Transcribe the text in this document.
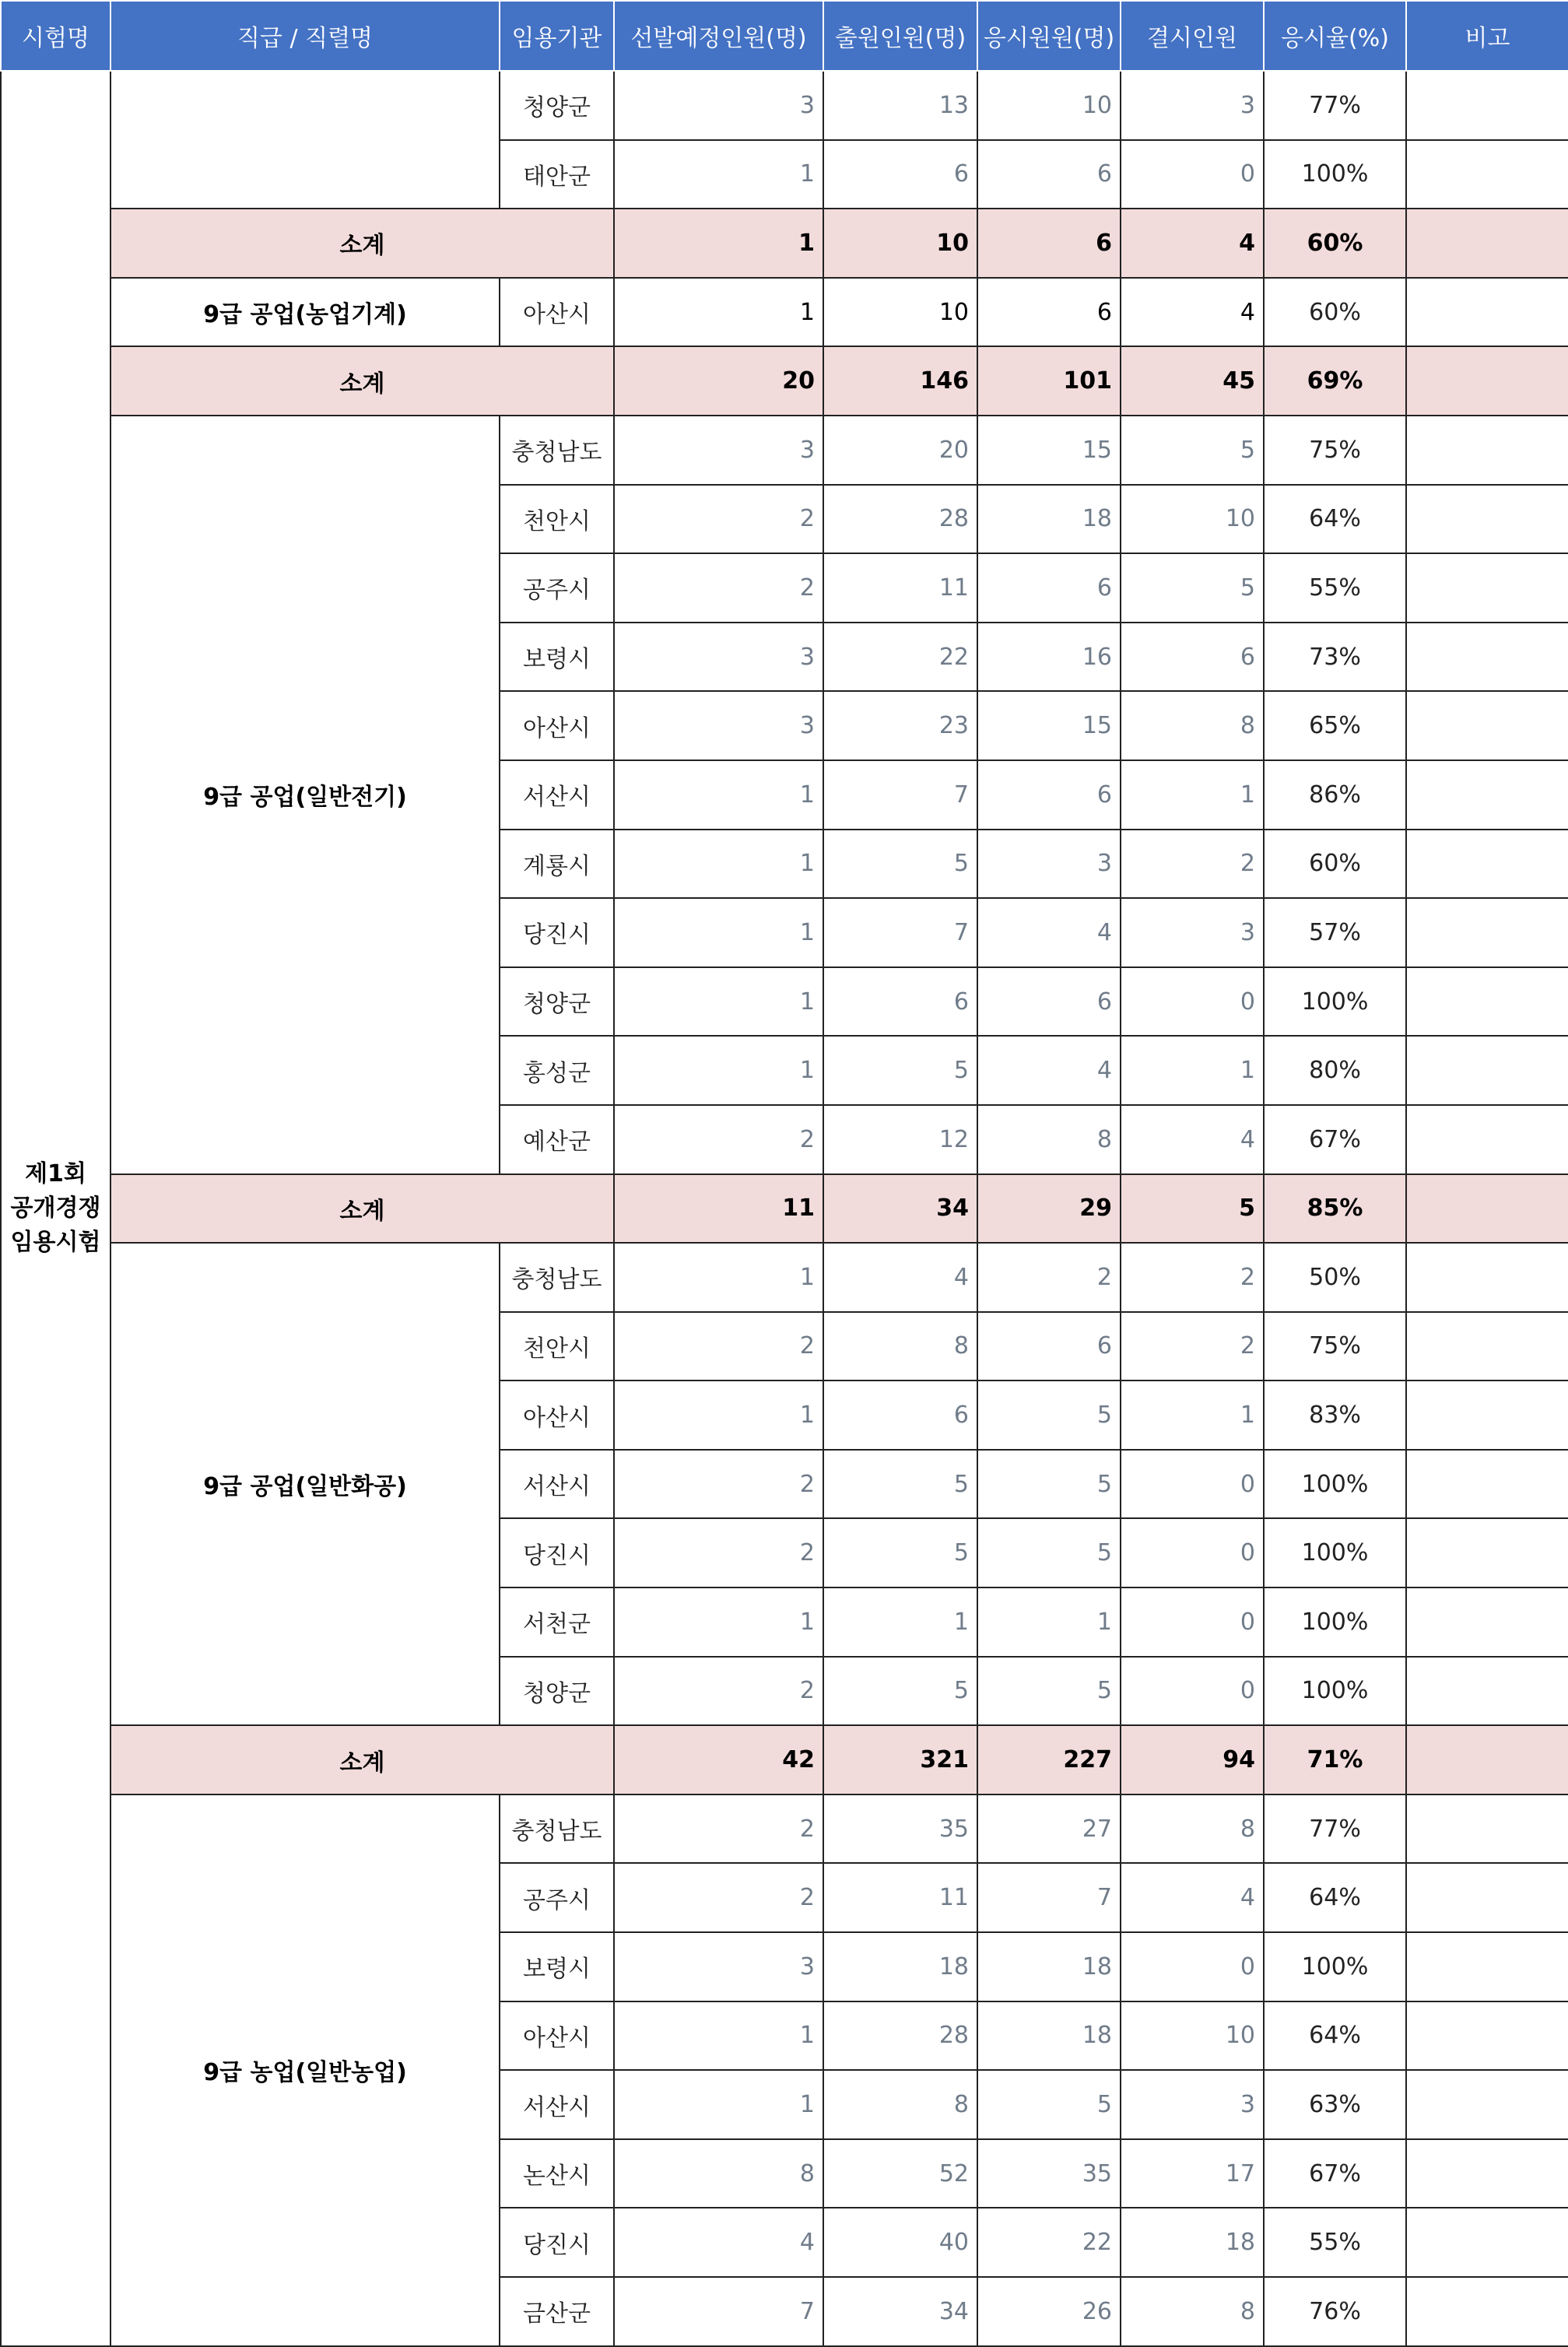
시험명	직급 / 직렬명	임용기관	선발예정인원(명)	출원인원(명)	응시원원(명)	결시인원	응시율(%)	비고
제1회
공개경쟁
임용시험		청양군	3	13	10	3	77%	
		태안군	1	6	6	0	100%	
	소계		1	10	6	4	60%	
	9급 공업(농업기계)	아산시	1	10	6	4	60%	
	소계		20	146	101	45	69%	
	9급 공업(일반전기)	충청남도	3	20	15	5	75%	
		천안시	2	28	18	10	64%	
		공주시	2	11	6	5	55%	
		보령시	3	22	16	6	73%	
		아산시	3	23	15	8	65%	
		서산시	1	7	6	1	86%	
		계룡시	1	5	3	2	60%	
		당진시	1	7	4	3	57%	
		청양군	1	6	6	0	100%	
		홍성군	1	5	4	1	80%	
		예산군	2	12	8	4	67%	
	소계		11	34	29	5	85%	
	9급 공업(일반화공)	충청남도	1	4	2	2	50%	
		천안시	2	8	6	2	75%	
		아산시	1	6	5	1	83%	
		서산시	2	5	5	0	100%	
		당진시	2	5	5	0	100%	
		서천군	1	1	1	0	100%	
		청양군	2	5	5	0	100%	
	소계		42	321	227	94	71%	
	9급 농업(일반농업)	충청남도	2	35	27	8	77%	
		공주시	2	11	7	4	64%	
		보령시	3	18	18	0	100%	
		아산시	1	28	18	10	64%	
		서산시	1	8	5	3	63%	
		논산시	8	52	35	17	67%	
		당진시	4	40	22	18	55%	
		금산군	7	34	26	8	76%	
